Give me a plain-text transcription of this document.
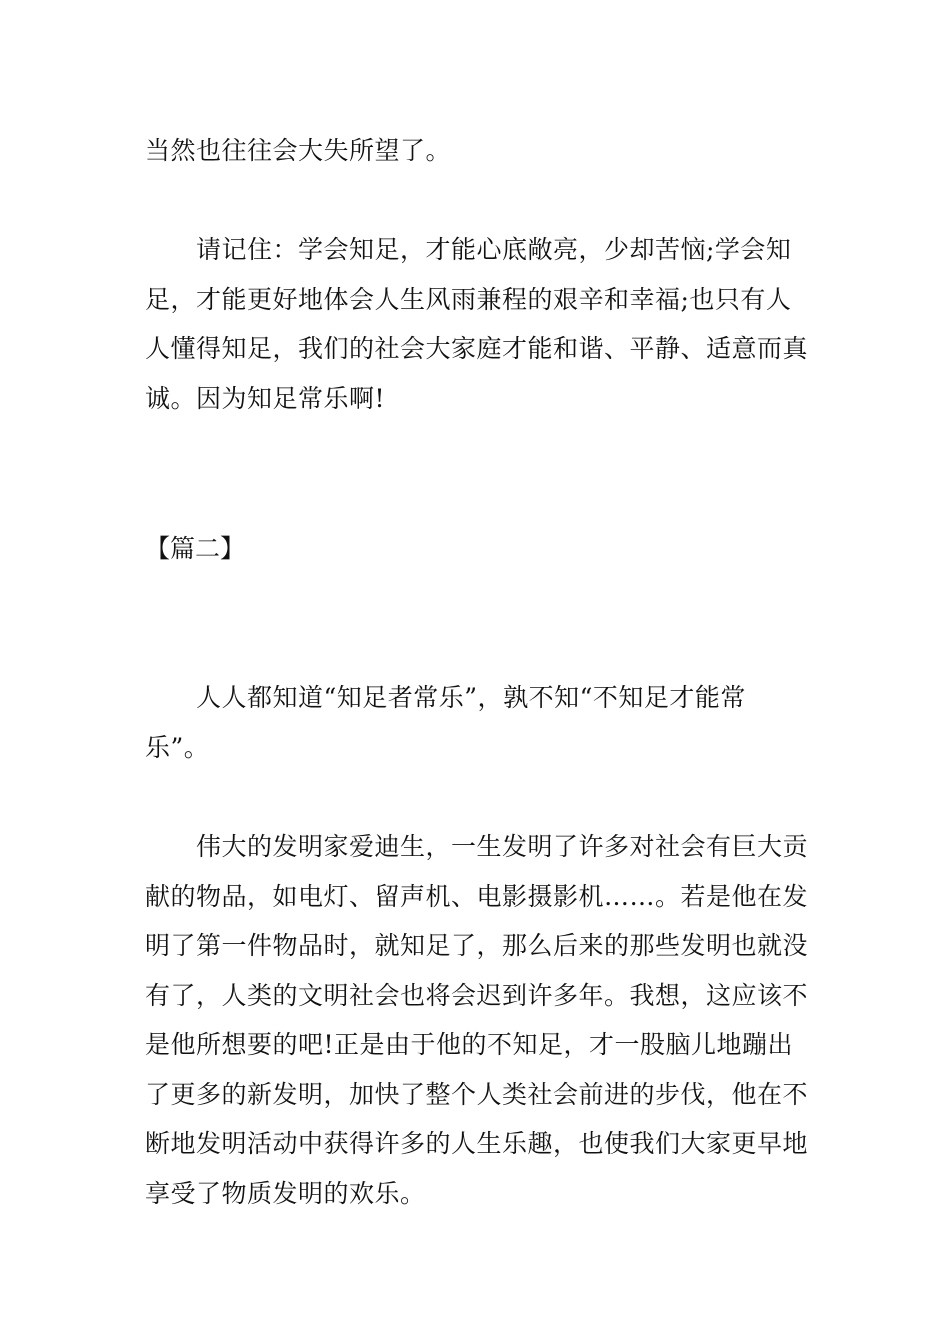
当然也往往会大失所望了。

请记住：学会知足，才能心底敞亮，少却苦恼;学会知足，才能更好地体会人生风雨兼程的艰辛和幸福;也只有人人懂得知足，我们的社会大家庭才能和谐、平静、适意而真诚。因为知足常乐啊!

【篇二】

人人都知道“知足者常乐”，孰不知“不知足才能常乐”。

伟大的发明家爱迪生，一生发明了许多对社会有巨大贡献的物品，如电灯、留声机、电影摄影机……。若是他在发明了第一件物品时，就知足了，那么后来的那些发明也就没有了，人类的文明社会也将会迟到许多年。我想，这应该不是他所想要的吧!正是由于他的不知足，才一股脑儿地蹦出了更多的新发明，加快了整个人类社会前进的步伐，他在不断地发明活动中获得许多的人生乐趣，也使我们大家更早地享受了物质发明的欢乐。
